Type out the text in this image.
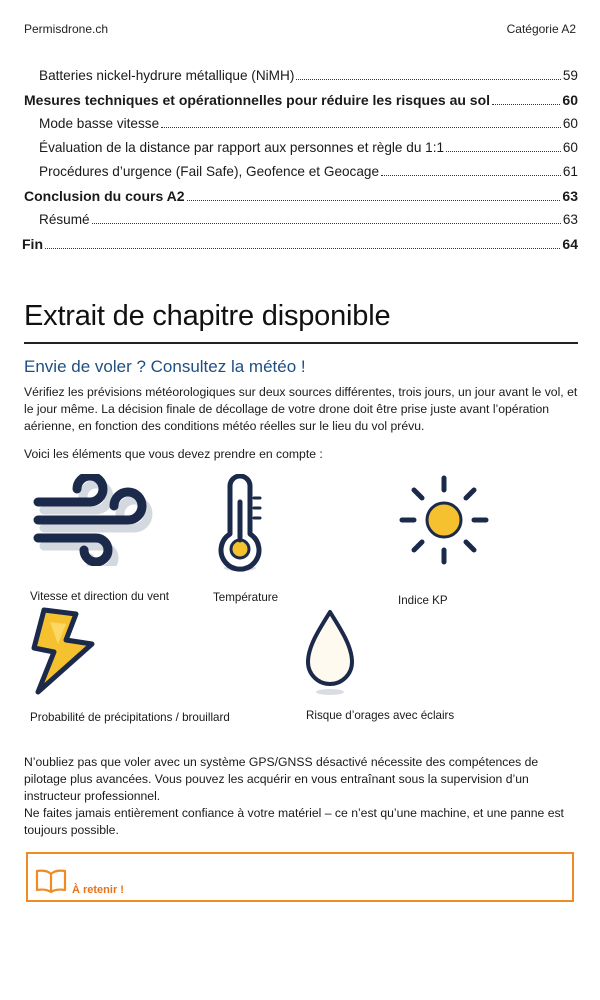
Permisdrone.ch	Catégorie A2
Batteries nickel-hydrure métallique (NiMH)	59
Mesures techniques et opérationnelles pour réduire les risques au sol	60
Mode basse vitesse	60
Évaluation de la distance par rapport aux personnes et règle du 1:1	60
Procédures d’urgence (Fail Safe), Geofence et Geocage	61
Conclusion du cours A2	63
Résumé	63
Fin	64
Extrait de chapitre disponible
Envie de voler ? Consultez la météo !
Vérifiez les prévisions météorologiques sur deux sources différentes, trois jours, un jour avant le vol, et le jour même. La décision finale de décollage de votre drone doit être prise juste avant l’opération aérienne, en fonction des conditions météo réelles sur le lieu du vol prévu.
Voici les éléments que vous devez prendre en compte :
Vitesse et direction du vent	Température	Indice KP
Probabilité de précipitations / brouillard	Risque d’orages avec éclairs
N’oubliez pas que voler avec un système GPS/GNSS désactivé nécessite des compétences de pilotage plus avancées. Vous pouvez les acquérir en vous entraînant sous la supervision d’un instructeur professionnel.
Ne faites jamais entièrement confiance à votre matériel – ce n’est qu’une machine, et une panne est toujours possible.
À retenir !
